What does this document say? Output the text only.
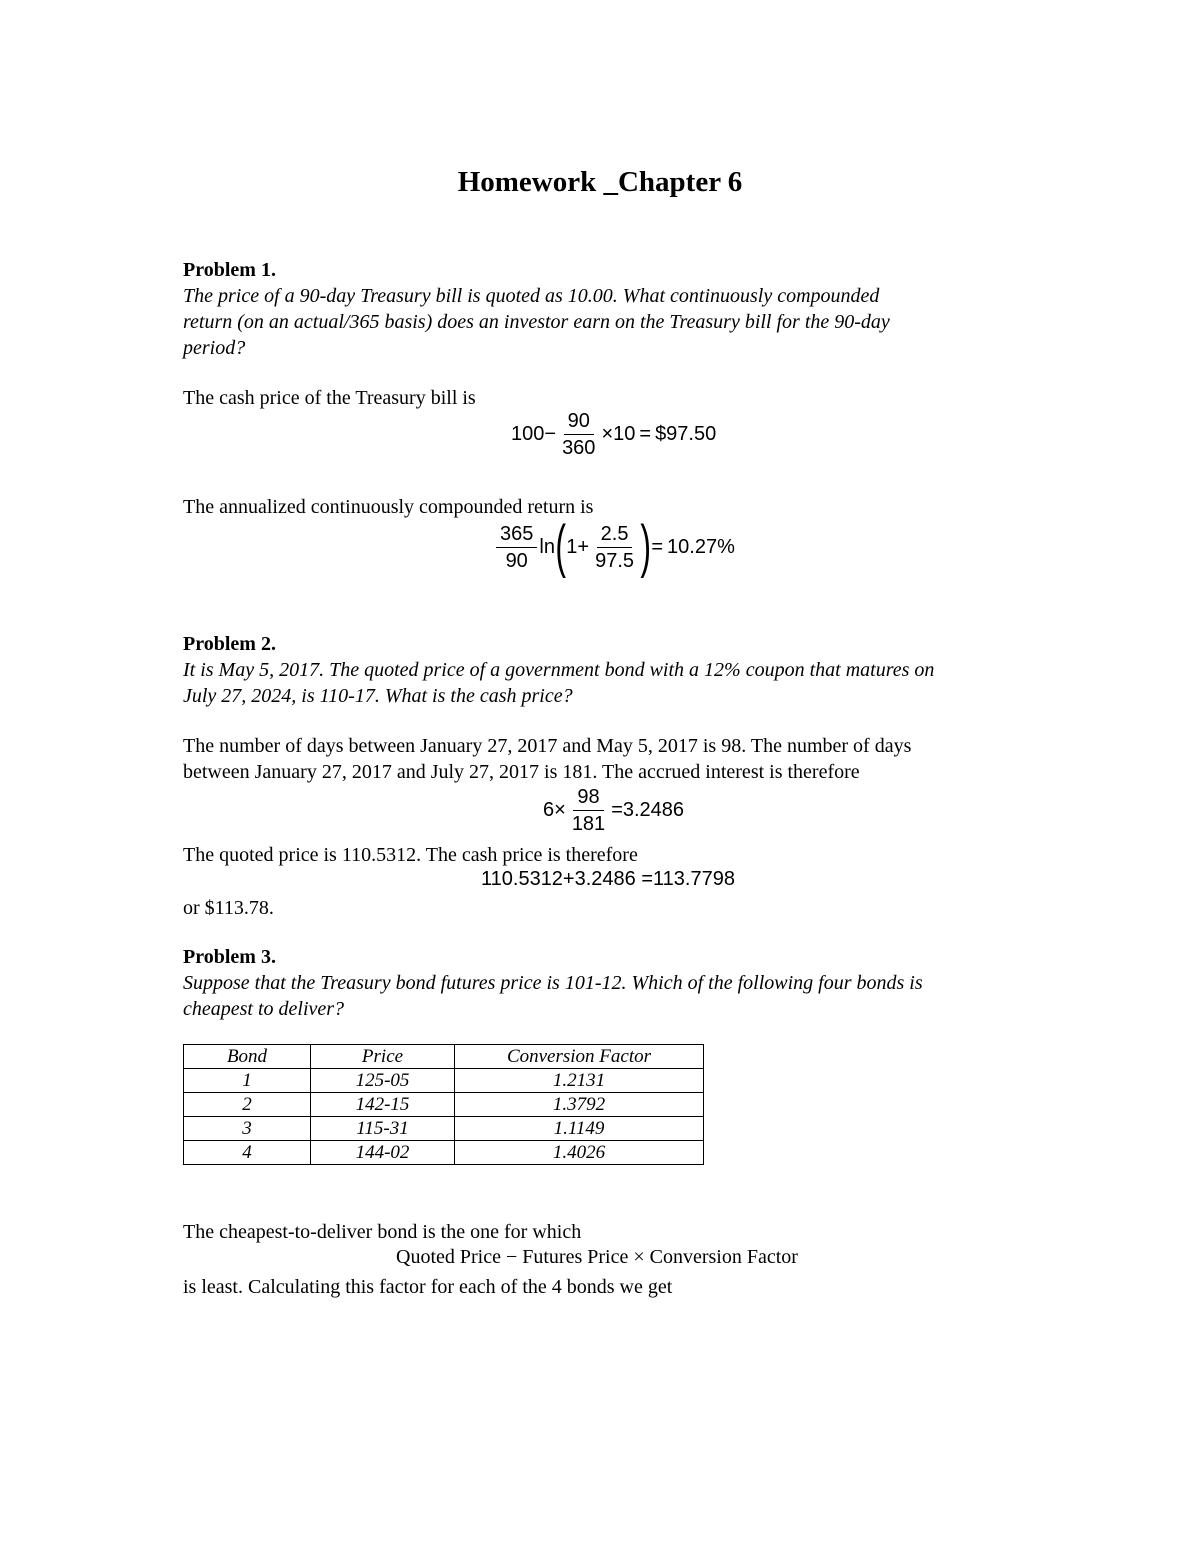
Homework _Chapter 6
Problem 1.
The price of a 90-day Treasury bill is quoted as 10.00. What continuously compounded
return (on an actual/365 basis) does an investor earn on the Treasury bill for the 90-day
period?
The cash price of the Treasury bill is
$100 - \frac{90}{360} \times 10$ = $97.50
The annualized continuously compounded return is
$\frac{365}{90}$ ln ( $1 + \frac{2.5}{97.5}$ ) = 10.27%
Problem 2.
It is May 5, 2017. The quoted price of a government bond with a 12% coupon that matures on
July 27, 2024, is 110-17. What is the cash price?
The number of days between January 27, 2017 and May 5, 2017 is 98. The number of days
between January 27, 2017 and July 27, 2017 is 181. The accrued interest is therefore
$6\times \frac{98}{181} = 3.2486$
The quoted price is 110.5312. The cash price is therefore
110.5312+3.2486 =113.7798
or $113.78.
Problem 3.
Suppose that the Treasury bond futures price is 101-12. Which of the following four bonds is
cheapest to deliver?
Bond	Price	Conversion Factor
1	125-05	1.2131
2	142-15	1.3792
3	115-31	1.1149
4	144-02	1.4026
The cheapest-to-deliver bond is the one for which
Quoted Price − Futures Price × Conversion Factor
is least. Calculating this factor for each of the 4 bonds we get
